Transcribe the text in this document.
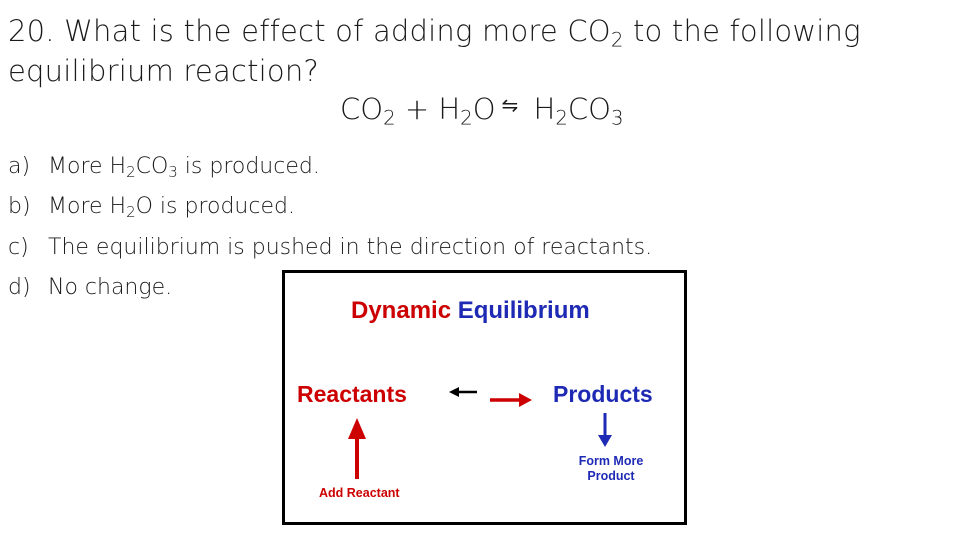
20. What is the effect of adding more $CO_2$ to the following
equilibrium reaction?
$CO_2 + H_2O$ ⇋ $H_2CO_3$
a) More $H_2CO_3$ is produced.
b) More $H_2O$ is produced.
c) The equilibrium is pushed in the direction of reactants.
d) No change.
Dynamic Equilibrium
Reactants	Products
Form More
Product
Add Reactant
